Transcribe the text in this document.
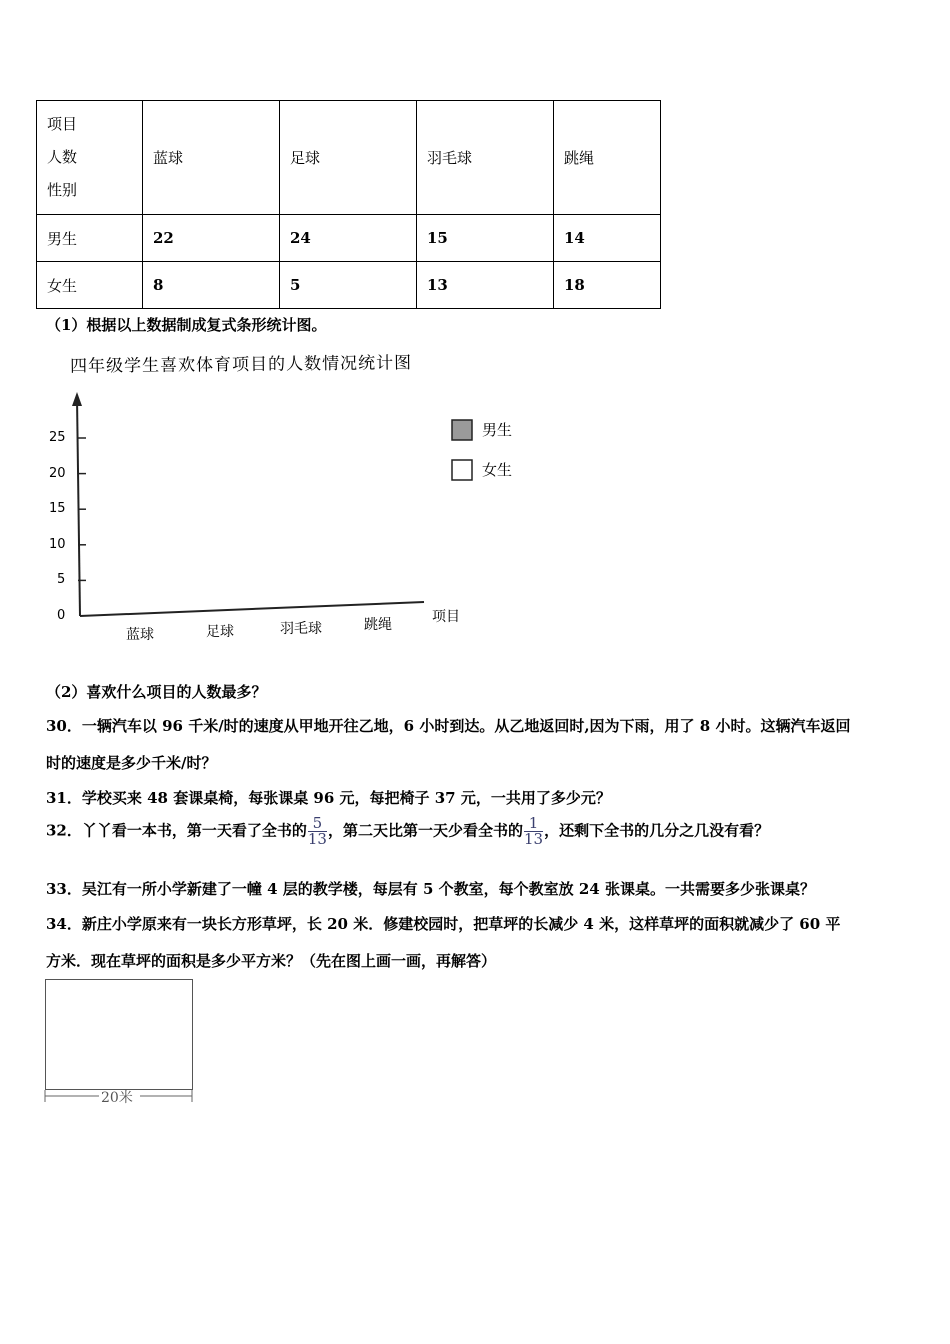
项目
人数
性别	蓝球	足球	羽毛球	跳绳
男生	22	24	15	14
女生	8	5	13	18
（1）根据以上数据制成复式条形统计图。
四年级学生喜欢体育项目的人数情况统计图
0
5
10
15
20
25	男生
女生
蓝球	足球	羽毛球	跳绳	项目
（2）喜欢什么项目的人数最多？
30．一辆汽车以 96 千米/时的速度从甲地开往乙地，6 小时到达。从乙地返回时,因为下雨，用了 8 小时。这辆汽车返回
时的速度是多少千米/时？
31．学校买来 48 套课桌椅，每张课桌 96 元，每把椅子 37 元，一共用了多少元？
32．丫丫看一本书，第一天看了全书的 $\frac{5}{13}$ ，第二天比第一天少看全书的 $\frac{1}{13}$ ，还剩下全书的几分之几没有看？
33．吴江有一所小学新建了一幢 4 层的教学楼，每层有 5 个教室，每个教室放 24 张课桌。一共需要多少张课桌？
34．新庄小学原来有一块长方形草坪，长 20 米．修建校园时，把草坪的长减少 4 米，这样草坪的面积就减少了 60 平
方米．现在草坪的面积是多少平方米？（先在图上画一画，再解答）
20米
